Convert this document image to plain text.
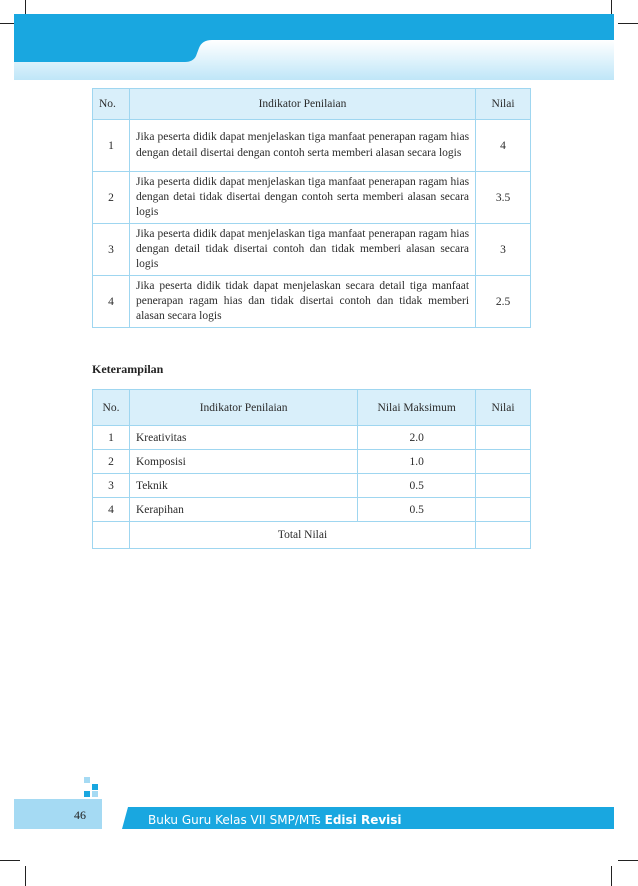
No.	Indikator Penilaian	Nilai
1	Jika peserta didik dapat menjelaskan tiga manfaat penerapan ragam hias dengan detail disertai dengan contoh serta memberi alasan secara logis	4
2	Jika peserta didik dapat menjelaskan tiga manfaat penerapan ragam hias dengan detai tidak disertai dengan contoh serta memberi alasan secara logis	3.5
3	Jika peserta didik dapat menjelaskan tiga manfaat penerapan ragam hias dengan detail tidak disertai contoh dan tidak memberi alasan secara logis	3
4	Jika peserta didik tidak dapat menjelaskan secara detail tiga manfaat penerapan ragam hias dan tidak disertai contoh dan tidak memberi alasan secara logis	2.5
Keterampilan
No.	Indikator Penilaian	Nilai Maksimum	Nilai
1	Kreativitas	2.0	
2	Komposisi	1.0	
3	Teknik	0.5	
4	Kerapihan	0.5	
	Total Nilai		
46	Buku Guru Kelas VII SMP/MTs Edisi Revisi
